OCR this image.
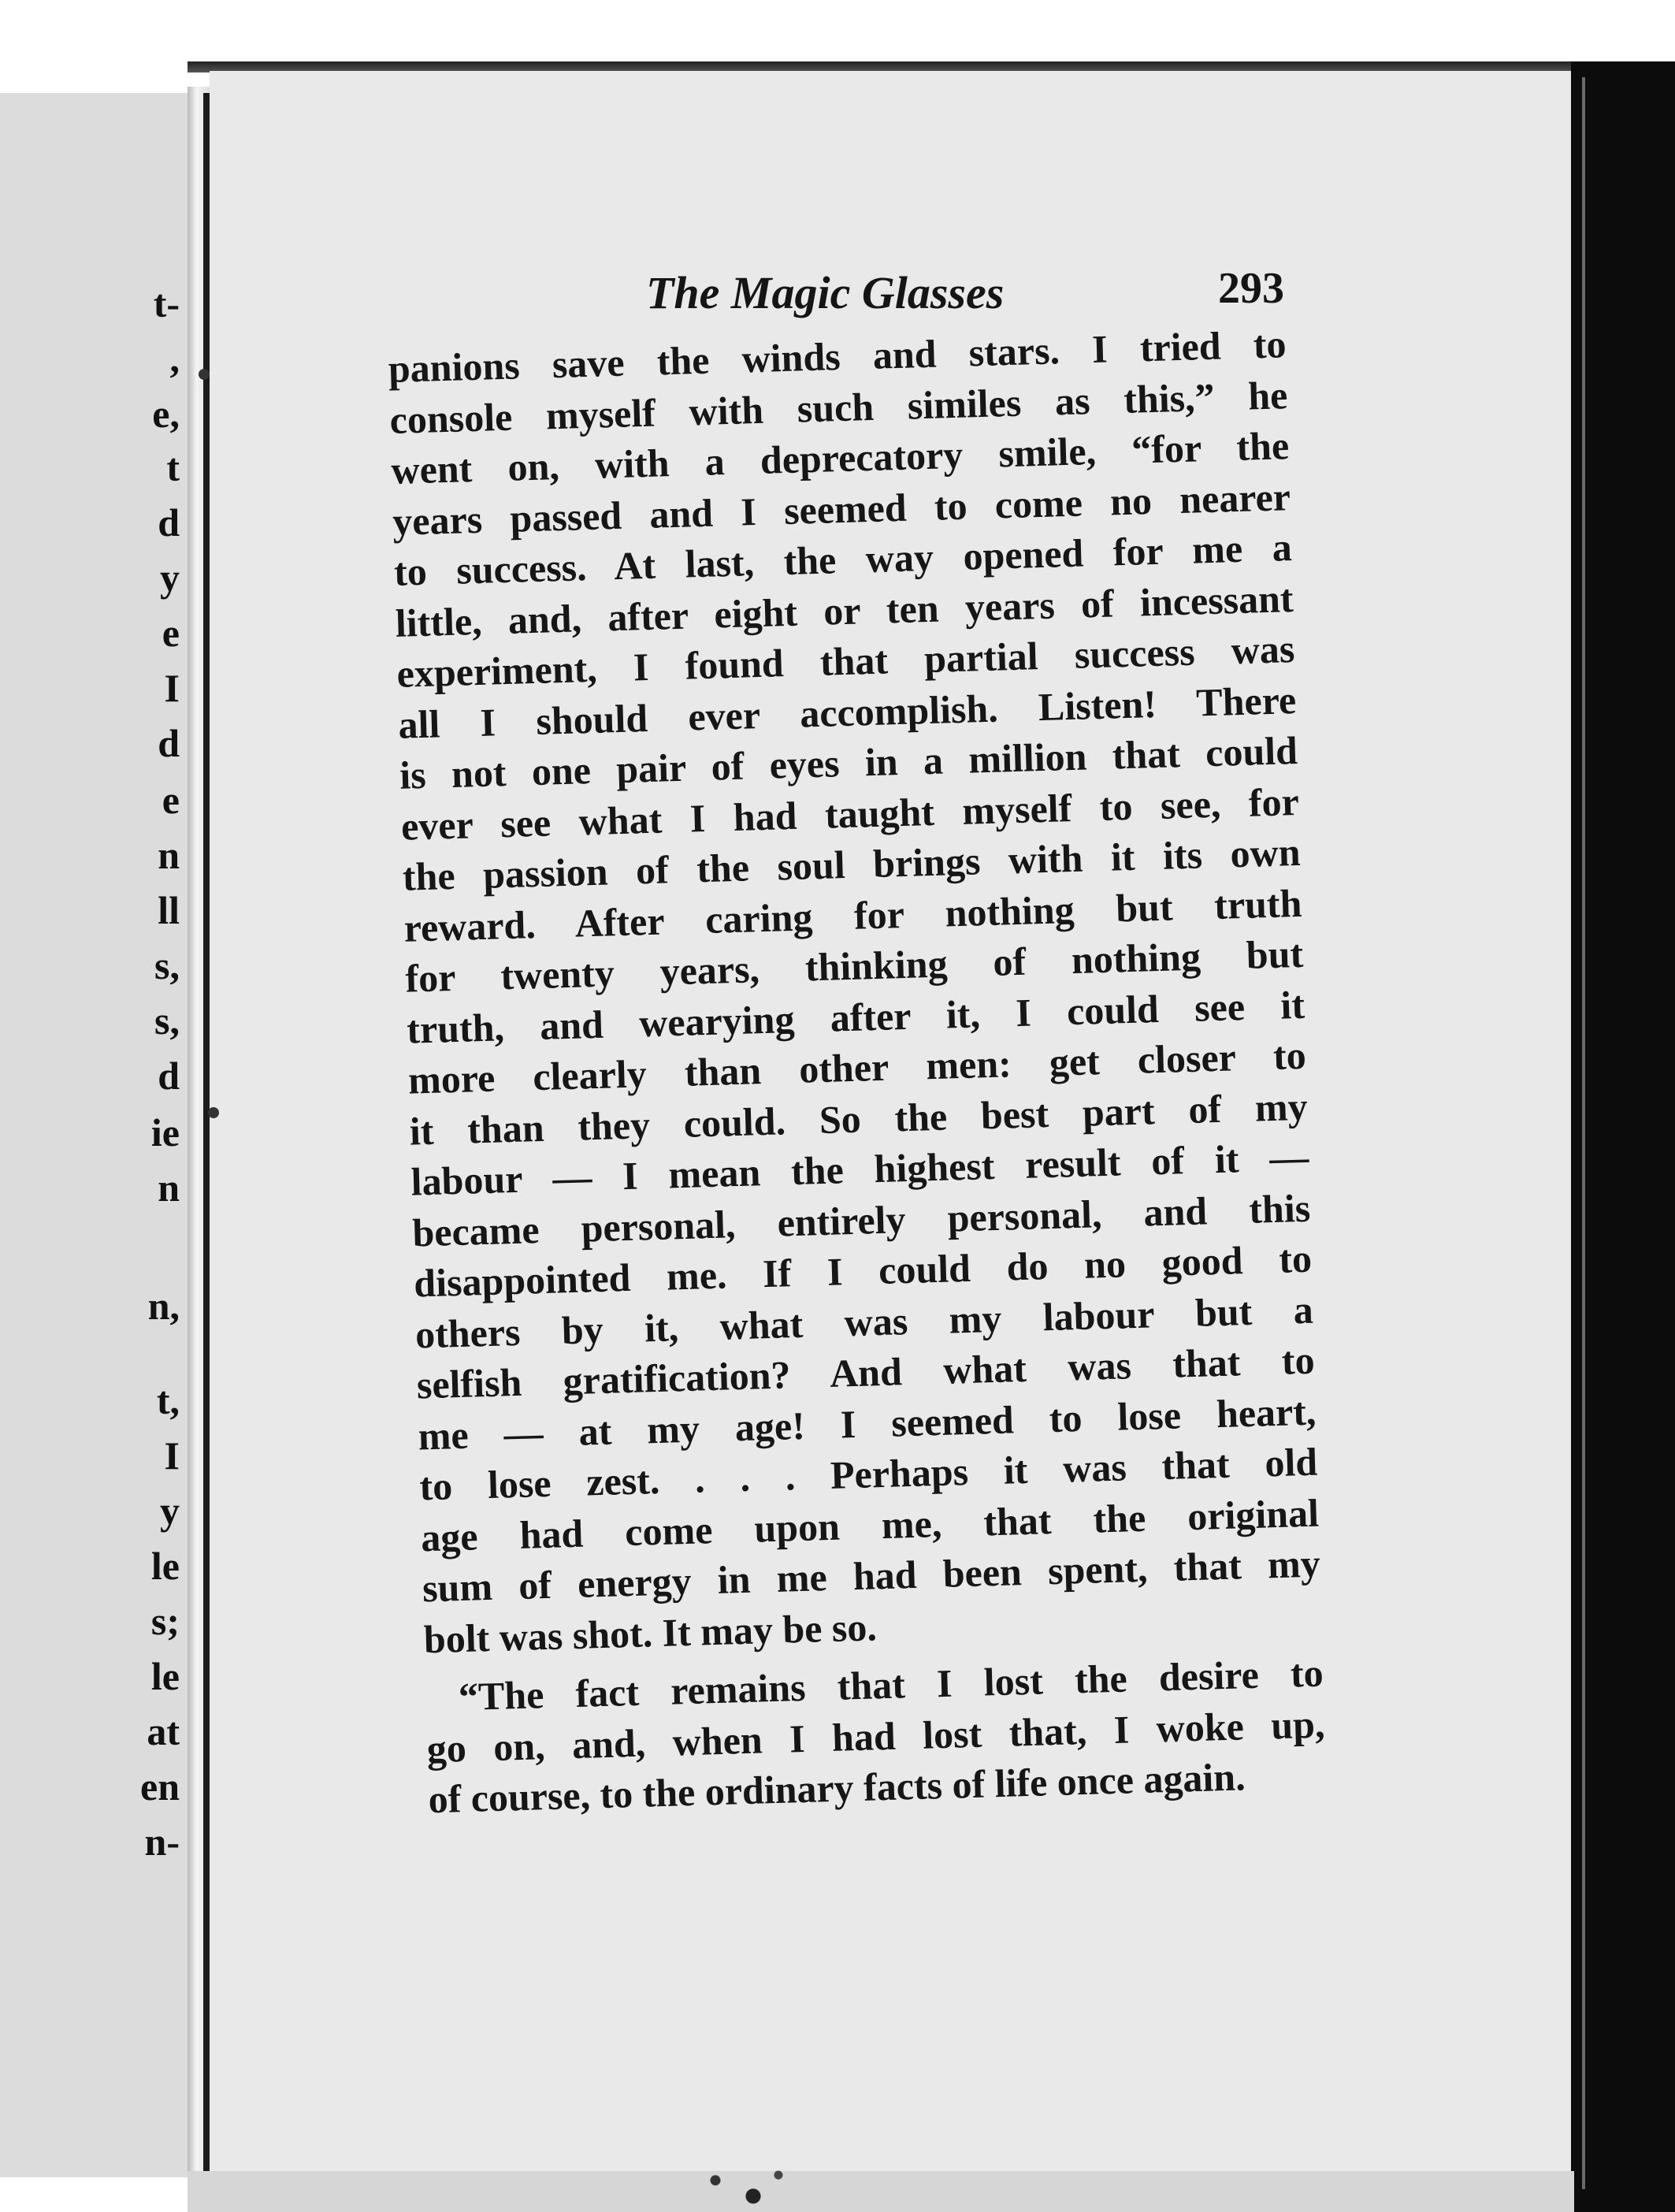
t-
,
e,
t
d
y
e
I
d
e
n
ll
s,
s,
d
ie
n
n,
t,
I
y
le
s;
le
at
en
n-
The Magic Glasses	293
panions save the winds and stars. I tried to
console myself with such similes as this,” he
went on, with a deprecatory smile, “for the
years passed and I seemed to come no nearer
to success. At last, the way opened for me a
little, and, after eight or ten years of incessant
experiment, I found that partial success was
all I should ever accomplish. Listen! There
is not one pair of eyes in a million that could
ever see what I had taught myself to see, for
the passion of the soul brings with it its own
reward. After caring for nothing but truth
for twenty years, thinking of nothing but
truth, and wearying after it, I could see it
more clearly than other men: get closer to
it than they could. So the best part of my
labour — I mean the highest result of it —
became personal, entirely personal, and this
disappointed me. If I could do no good to
others by it, what was my labour but a
selfish gratification? And what was that to
me — at my age! I seemed to lose heart,
to lose zest. . . . Perhaps it was that old
age had come upon me, that the original
sum of energy in me had been spent, that my
bolt was shot. It may be so.
“The fact remains that I lost the desire to
go on, and, when I had lost that, I woke up,
of course, to the ordinary facts of life once again.
